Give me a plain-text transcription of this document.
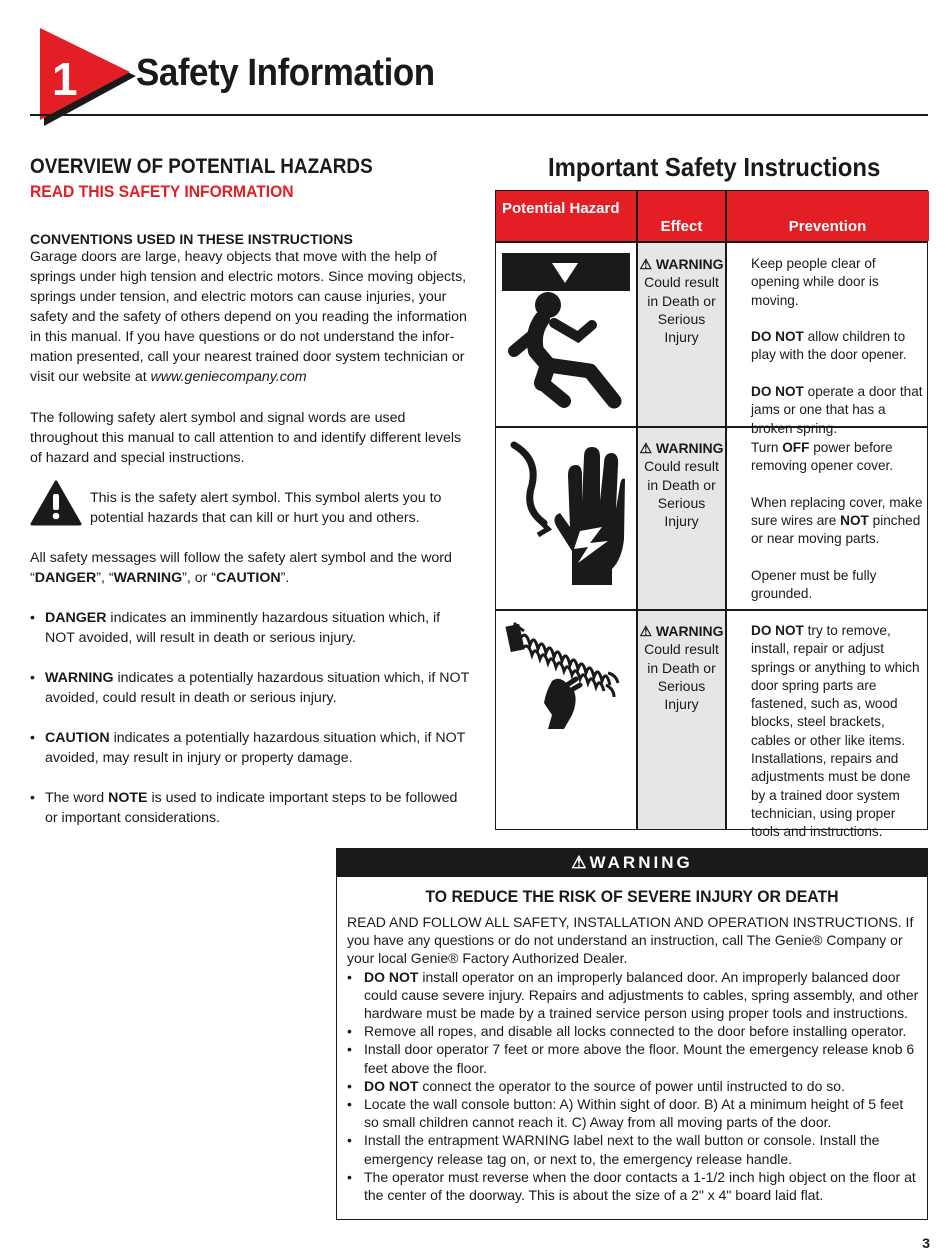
1 Safety Information
OVERVIEW OF POTENTIAL HAZARDS
READ THIS SAFETY INFORMATION
CONVENTIONS USED IN THESE INSTRUCTIONS
Garage doors are large, heavy objects that move with the help of springs under high tension and electric motors. Since moving objects, springs under tension, and electric motors can cause injuries, your safety and the safety of others depend on you reading the information in this manual. If you have questions or do not understand the infor-mation presented, call your nearest trained door system technician or visit our website at www.geniecompany.com
The following safety alert symbol and signal words are used throughout this manual to call attention to and identify different levels of hazard and special instructions.
This is the safety alert symbol. This symbol alerts you to potential hazards that can kill or hurt you and others.
All safety messages will follow the safety alert symbol and the word “DANGER”, “WARNING”, or “CAUTION”.
• DANGER indicates an imminently hazardous situation which, if NOT avoided, will result in death or serious injury.
• WARNING indicates a potentially hazardous situation which, if NOT avoided, could result in death or serious injury.
• CAUTION indicates a potentially hazardous situation which, if NOT avoided, may result in injury or property damage.
• The word NOTE is used to indicate important steps to be followed or important considerations.
Important Safety Instructions
Potential Hazard
Effect	Prevention
⚠ WARNING
Could result in Death or Serious Injury

Keep people clear of opening while door is moving.

DO NOT allow children to play with the door opener.

DO NOT operate a door that jams or one that has a broken spring.

⚠ WARNING
Could result in Death or Serious Injury

Turn OFF power before removing opener cover.

When replacing cover, make sure wires are NOT pinched or near moving parts.

Opener must be fully grounded.

⚠ WARNING
Could result in Death or Serious Injury

DO NOT try to remove, install, repair or adjust springs or anything to which door spring parts are fastened, such as, wood blocks, steel brackets, cables or other like items. Installations, repairs and adjustments must be done by a trained door system technician, using proper tools and instructions.

⚠WARNING
TO REDUCE THE RISK OF SEVERE INJURY OR DEATH
READ AND FOLLOW ALL SAFETY, INSTALLATION AND OPERATION INSTRUCTIONS. If you have any questions or do not understand an instruction, call The Genie® Company or your local Genie® Factory Authorized Dealer.
• DO NOT install operator on an improperly balanced door. An improperly balanced door could cause severe injury. Repairs and adjustments to cables, spring assembly, and other hardware must be made by a trained service person using proper tools and instructions.
• Remove all ropes, and disable all locks connected to the door before installing operator.
• Install door operator 7 feet or more above the floor. Mount the emergency release knob 6 feet above the floor.
• DO NOT connect the operator to the source of power until instructed to do so.
• Locate the wall console button: A) Within sight of door. B) At a minimum height of 5 feet so small children cannot reach it. C) Away from all moving parts of the door.
• Install the entrapment WARNING label next to the wall button or console. Install the emergency release tag on, or next to, the emergency release handle.
• The operator must reverse when the door contacts a 1-1/2 inch high object on the floor at the center of the doorway. This is about the size of a 2" x 4" board laid flat.
3
